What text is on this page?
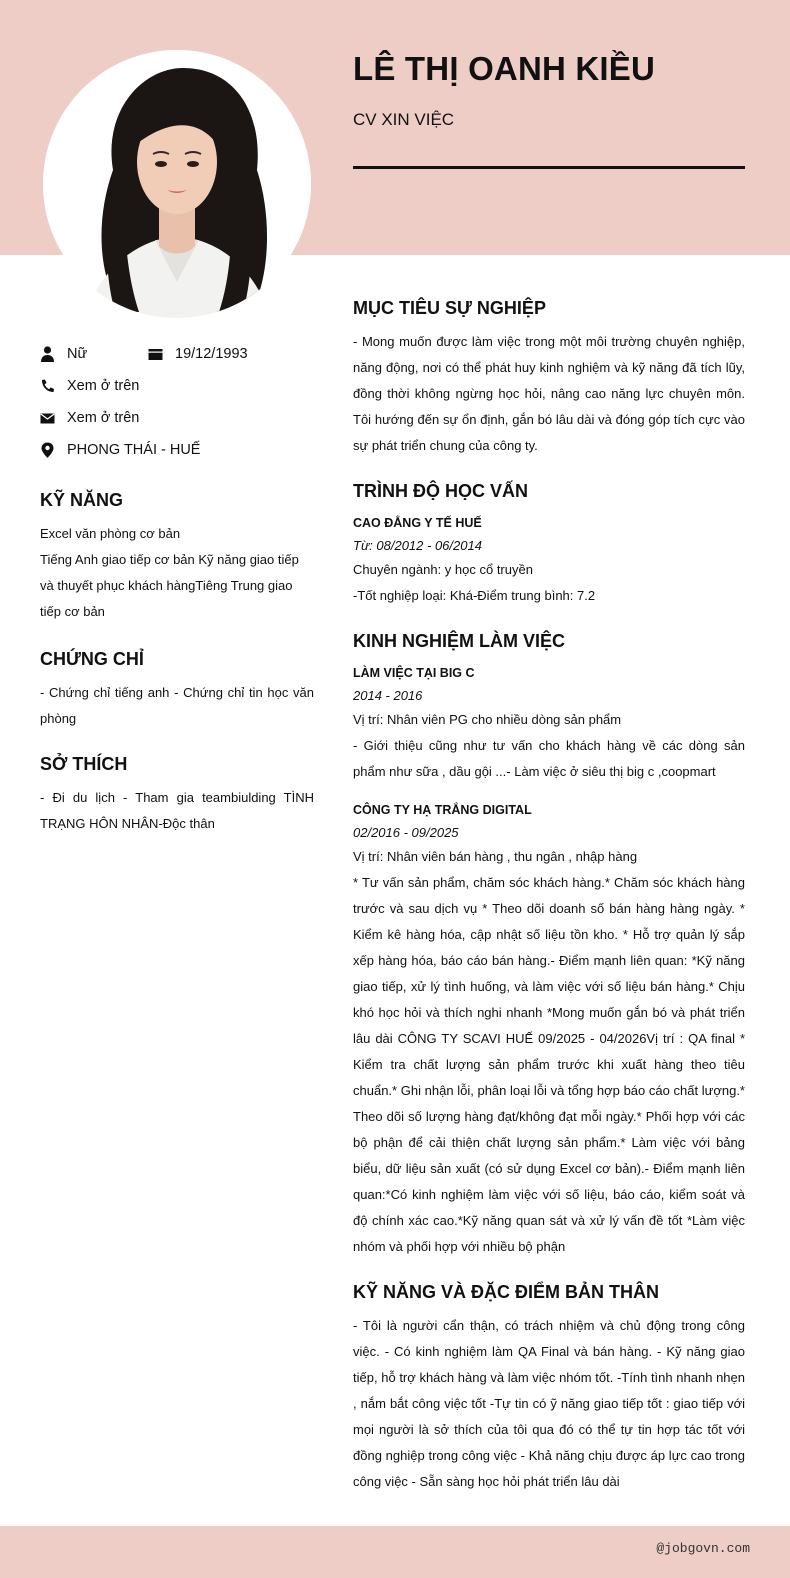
LÊ THỊ OANH KIỀU
CV XIN VIỆC
Nữ	19/12/1993
Xem ở trên
Xem ở trên
PHONG THÁI - HUẾ
KỸ NĂNG
Excel văn phòng cơ bản
Tiếng Anh giao tiếp cơ bản Kỹ năng giao tiếp và thuyết phục khách hàngTiêng Trung giao tiếp cơ bản
CHỨNG CHỈ
- Chứng chỉ tiếng anh - Chứng chỉ tin học văn phòng
SỞ THÍCH
- Đi du lịch - Tham gia teambiulding TÌNH TRẠNG HÔN NHÂN-Độc thân
MỤC TIÊU SỰ NGHIỆP
- Mong muốn được làm việc trong một môi trường chuyên nghiệp, năng động, nơi có thể phát huy kinh nghiệm và kỹ năng đã tích lũy, đồng thời không ngừng học hỏi, nâng cao năng lực chuyên môn. Tôi hướng đến sự ổn định, gắn bó lâu dài và đóng góp tích cực vào sự phát triển chung của công ty.
TRÌNH ĐỘ HỌC VẤN
CAO ĐẲNG Y TẾ HUẾ
Từ: 08/2012 - 06/2014
Chuyên ngành: y học cổ truyền
-Tốt nghiệp loại: Khá-Điểm trung bình: 7.2
KINH NGHIỆM LÀM VIỆC
LÀM VIỆC TẠI BIG C
2014 - 2016
Vị trí: Nhân viên PG cho nhiều dòng sản phẩm
- Giới thiệu cũng như tư vấn cho khách hàng về các dòng sản phẩm như sữa , dầu gội ...- Làm việc ở siêu thị big c ,coopmart
CÔNG TY HẠ TRẮNG DIGITAL
02/2016 - 09/2025
Vị trí: Nhân viên bán hàng , thu ngân , nhập hàng
* Tư vấn sản phẩm, chăm sóc khách hàng.* Chăm sóc khách hàng trước và sau dịch vụ * Theo dõi doanh số bán hàng hàng ngày. * Kiểm kê hàng hóa, cập nhật số liệu tồn kho. * Hỗ trợ quản lý sắp xếp hàng hóa, báo cáo bán hàng.- Điểm mạnh liên quan: *Kỹ năng giao tiếp, xử lý tình huống, và làm việc với số liệu bán hàng.* Chịu khó học hỏi và thích nghi nhanh *Mong muốn gắn bó và phát triển lâu dài CÔNG TY SCAVI HUẾ 09/2025 - 04/2026Vị trí : QA final * Kiểm tra chất lượng sản phẩm trước khi xuất hàng theo tiêu chuẩn.* Ghi nhận lỗi, phân loại lỗi và tổng hợp báo cáo chất lượng.* Theo dõi số lượng hàng đạt/không đạt mỗi ngày.* Phối hợp với các bộ phận để cải thiện chất lượng sản phẩm.* Làm việc với bảng biểu, dữ liệu sản xuất (có sử dụng Excel cơ bản).- Điểm mạnh liên quan:*Có kinh nghiệm làm việc với số liệu, báo cáo, kiểm soát và độ chính xác cao.*Kỹ năng quan sát và xử lý vấn đề tốt *Làm việc nhóm và phối hợp với nhiều bộ phận
KỸ NĂNG VÀ ĐẶC ĐIỂM BẢN THÂN
- Tôi là người cẩn thận, có trách nhiệm và chủ động trong công việc. - Có kinh nghiệm làm QA Final và bán hàng. - Kỹ năng giao tiếp, hỗ trợ khách hàng và làm việc nhóm tốt. -Tính tình nhanh nhẹn , nắm bắt công việc tốt -Tự tin có ỹ năng giao tiếp tốt : giao tiếp với mọi người là sở thích của tôi qua đó có thể tự tin hợp tác tốt với đồng nghiệp trong công việc - Khả năng chịu được áp lực cao trong công việc - Sẵn sàng học hỏi phát triển lâu dài
@jobgovn.com
